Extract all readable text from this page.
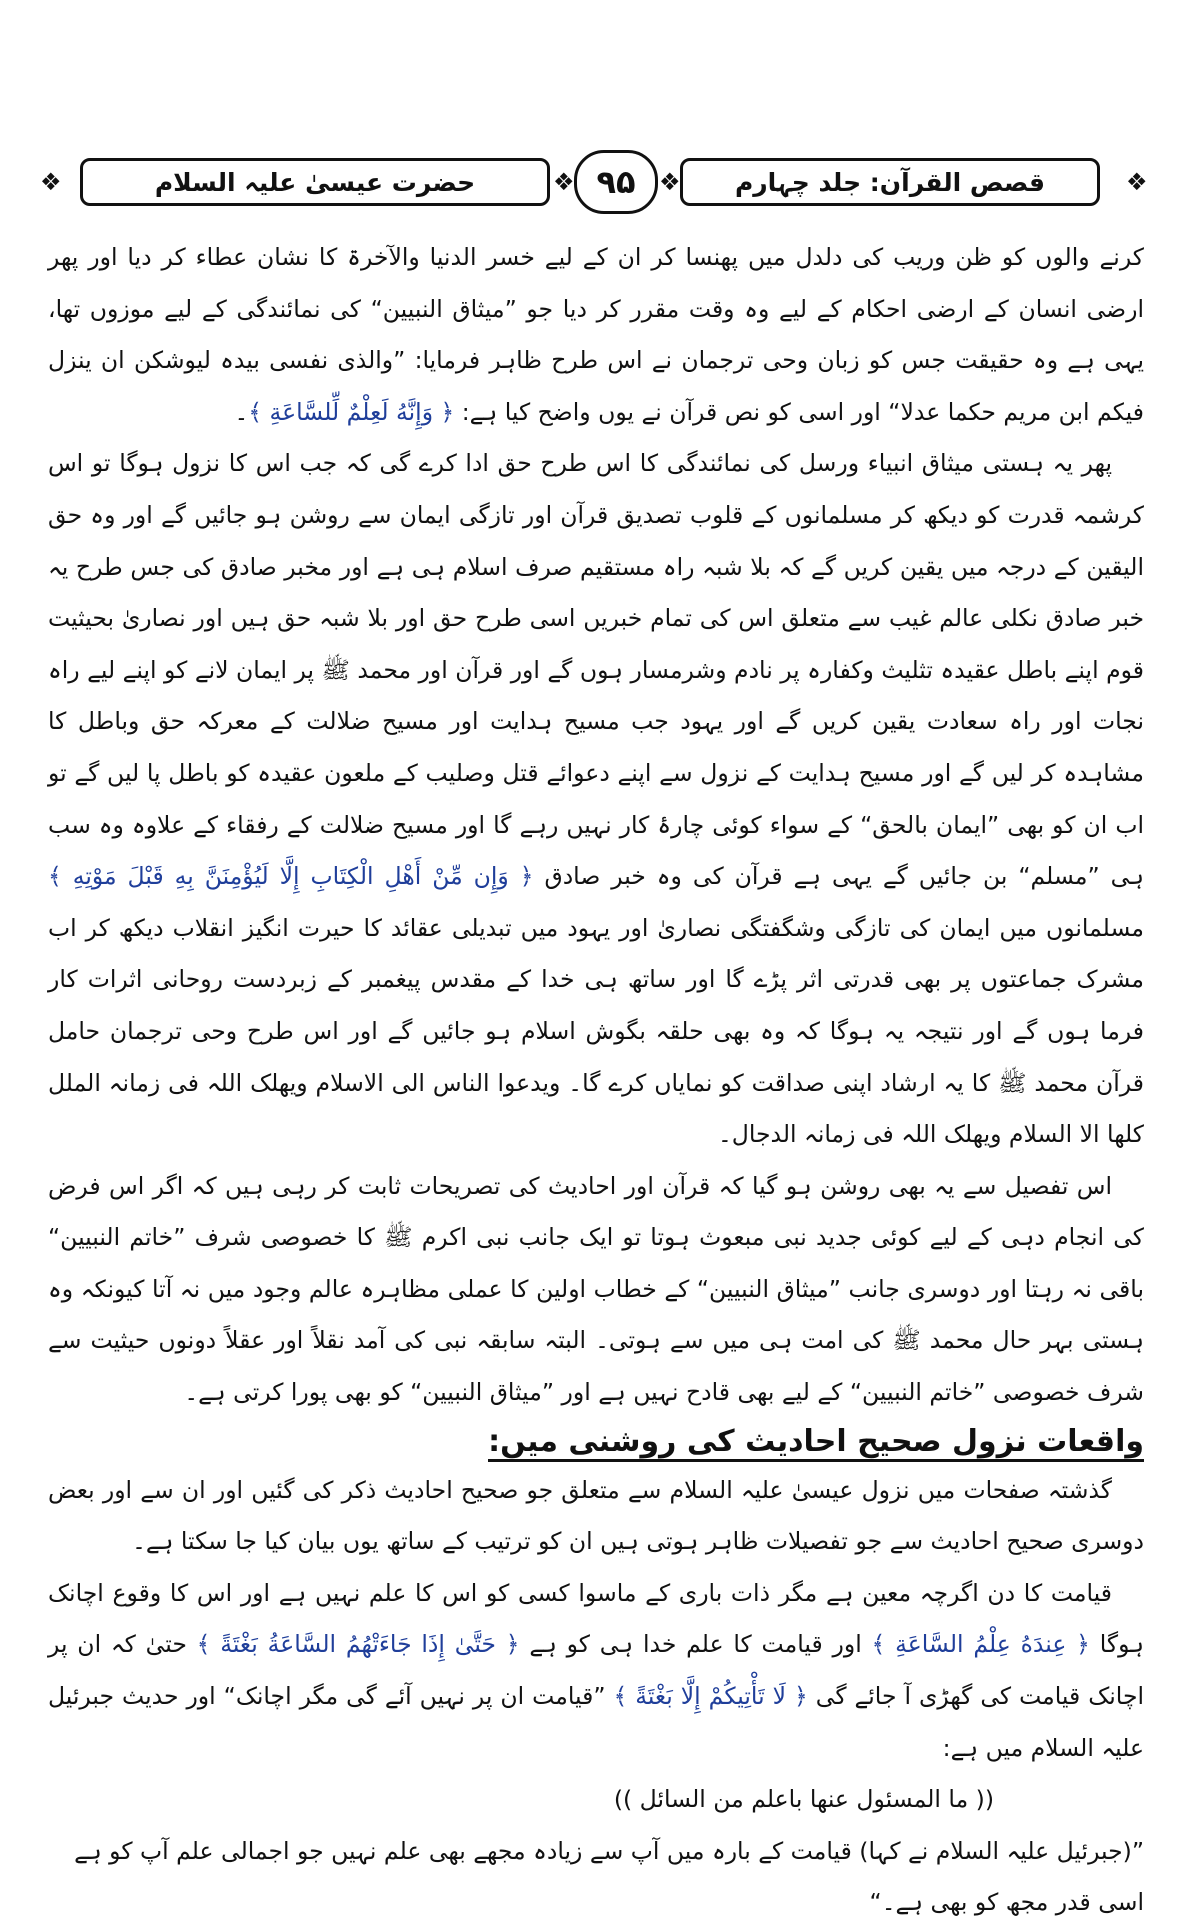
❖	حضرت عیسیٰ علیہ السلام	❖ ۹۵ ❖ قصص القرآن: جلد چہارم	❖

کرنے والوں کو ظن وریب کی دلدل میں پھنسا کر ان کے لیے خسر الدنیا والآخرۃ کا نشان عطاء کر دیا اور پھر ارضی انسان کے ارضی احکام کے لیے وہ وقت مقرر کر دیا جو ”میثاق النبیین“ کی نمائندگی کے لیے موزوں تھا، یہی ہے وہ حقیقت جس کو زبان وحی ترجمان نے اس طرح ظاہر فرمایا: ”والذی نفسی بیدہ لیوشکن ان ینزل فیکم ابن مریم حکما عدلا“ اور اسی کو نص قرآن نے یوں واضح کیا ہے: ﴿ وَإِنَّهُ لَعِلْمٌ لِّلسَّاعَةِ ﴾۔

پھر یہ ہستی میثاق انبیاء ورسل کی نمائندگی کا اس طرح حق ادا کرے گی کہ جب اس کا نزول ہوگا تو اس کرشمہ قدرت کو دیکھ کر مسلمانوں کے قلوب تصدیق قرآن اور تازگی ایمان سے روشن ہو جائیں گے اور وہ حق الیقین کے درجہ میں یقین کریں گے کہ بلا شبہ راہ مستقیم صرف اسلام ہی ہے اور مخبر صادق کی جس طرح یہ خبر صادق نکلی عالم غیب سے متعلق اس کی تمام خبریں اسی طرح حق اور بلا شبہ حق ہیں اور نصاریٰ بحیثیت قوم اپنے باطل عقیدہ تثلیث وکفارہ پر نادم وشرمسار ہوں گے اور قرآن اور محمد ﷺ پر ایمان لانے کو اپنے لیے راہ نجات اور راہ سعادت یقین کریں گے اور یہود جب مسیح ہدایت اور مسیح ضلالت کے معرکہ حق وباطل کا مشاہدہ کر لیں گے اور مسیح ہدایت کے نزول سے اپنے دعوائے قتل وصلیب کے ملعون عقیدہ کو باطل پا لیں گے تو اب ان کو بھی ”ایمان بالحق“ کے سواء کوئی چارۂ کار نہیں رہے گا اور مسیح ضلالت کے رفقاء کے علاوہ وہ سب ہی ”مسلم“ بن جائیں گے یہی ہے قرآن کی وہ خبر صادق ﴿ وَإِن مِّنْ أَهْلِ الْكِتَابِ إِلَّا لَيُؤْمِنَنَّ بِهِ قَبْلَ مَوْتِهِ ﴾ مسلمانوں میں ایمان کی تازگی وشگفتگی نصاریٰ اور یہود میں تبدیلی عقائد کا حیرت انگیز انقلاب دیکھ کر اب مشرک جماعتوں پر بھی قدرتی اثر پڑے گا اور ساتھ ہی خدا کے مقدس پیغمبر کے زبردست روحانی اثرات کار فرما ہوں گے اور نتیجہ یہ ہوگا کہ وہ بھی حلقہ بگوش اسلام ہو جائیں گے اور اس طرح وحی ترجمان حامل قرآن محمد ﷺ کا یہ ارشاد اپنی صداقت کو نمایاں کرے گا۔ ویدعوا الناس الی الاسلام ویھلک اللہ فی زمانہ الملل کلھا الا السلام ویھلک اللہ فی زمانہ الدجال۔

اس تفصیل سے یہ بھی روشن ہو گیا کہ قرآن اور احادیث کی تصریحات ثابت کر رہی ہیں کہ اگر اس فرض کی انجام دہی کے لیے کوئی جدید نبی مبعوث ہوتا تو ایک جانب نبی اکرم ﷺ کا خصوصی شرف ”خاتم النبیین“ باقی نہ رہتا اور دوسری جانب ”میثاق النبیین“ کے خطاب اولین کا عملی مظاہرہ عالم وجود میں نہ آتا کیونکہ وہ ہستی بہر حال محمد ﷺ کی امت ہی میں سے ہوتی۔ البتہ سابقہ نبی کی آمد نقلاً اور عقلاً دونوں حیثیت سے شرف خصوصی ”خاتم النبیین“ کے لیے بھی قادح نہیں ہے اور ”میثاق النبیین“ کو بھی پورا کرتی ہے۔

واقعات نزول صحیح احادیث کی روشنی میں:

گذشتہ صفحات میں نزول عیسیٰ علیہ السلام سے متعلق جو صحیح احادیث ذکر کی گئیں اور ان سے اور بعض دوسری صحیح احادیث سے جو تفصیلات ظاہر ہوتی ہیں ان کو ترتیب کے ساتھ یوں بیان کیا جا سکتا ہے۔

قیامت کا دن اگرچہ معین ہے مگر ذات باری کے ماسوا کسی کو اس کا علم نہیں ہے اور اس کا وقوع اچانک ہوگا ﴿ عِندَهُ عِلْمُ السَّاعَةِ ﴾ اور قیامت کا علم خدا ہی کو ہے ﴿ حَتَّىٰ إِذَا جَاءَتْهُمُ السَّاعَةُ بَغْتَةً ﴾ حتیٰ کہ ان پر اچانک قیامت کی گھڑی آ جائے گی ﴿ لَا تَأْتِيكُمْ إِلَّا بَغْتَةً ﴾ ”قیامت ان پر نہیں آئے گی مگر اچانک“ اور حدیث جبرئیل علیہ السلام میں ہے:

(( ما المسئول عنھا باعلم من السائل ))

”(جبرئیل علیہ السلام نے کہا) قیامت کے بارہ میں آپ سے زیادہ مجھے بھی علم نہیں جو اجمالی علم آپ کو ہے اسی قدر مجھ کو بھی ہے۔“
